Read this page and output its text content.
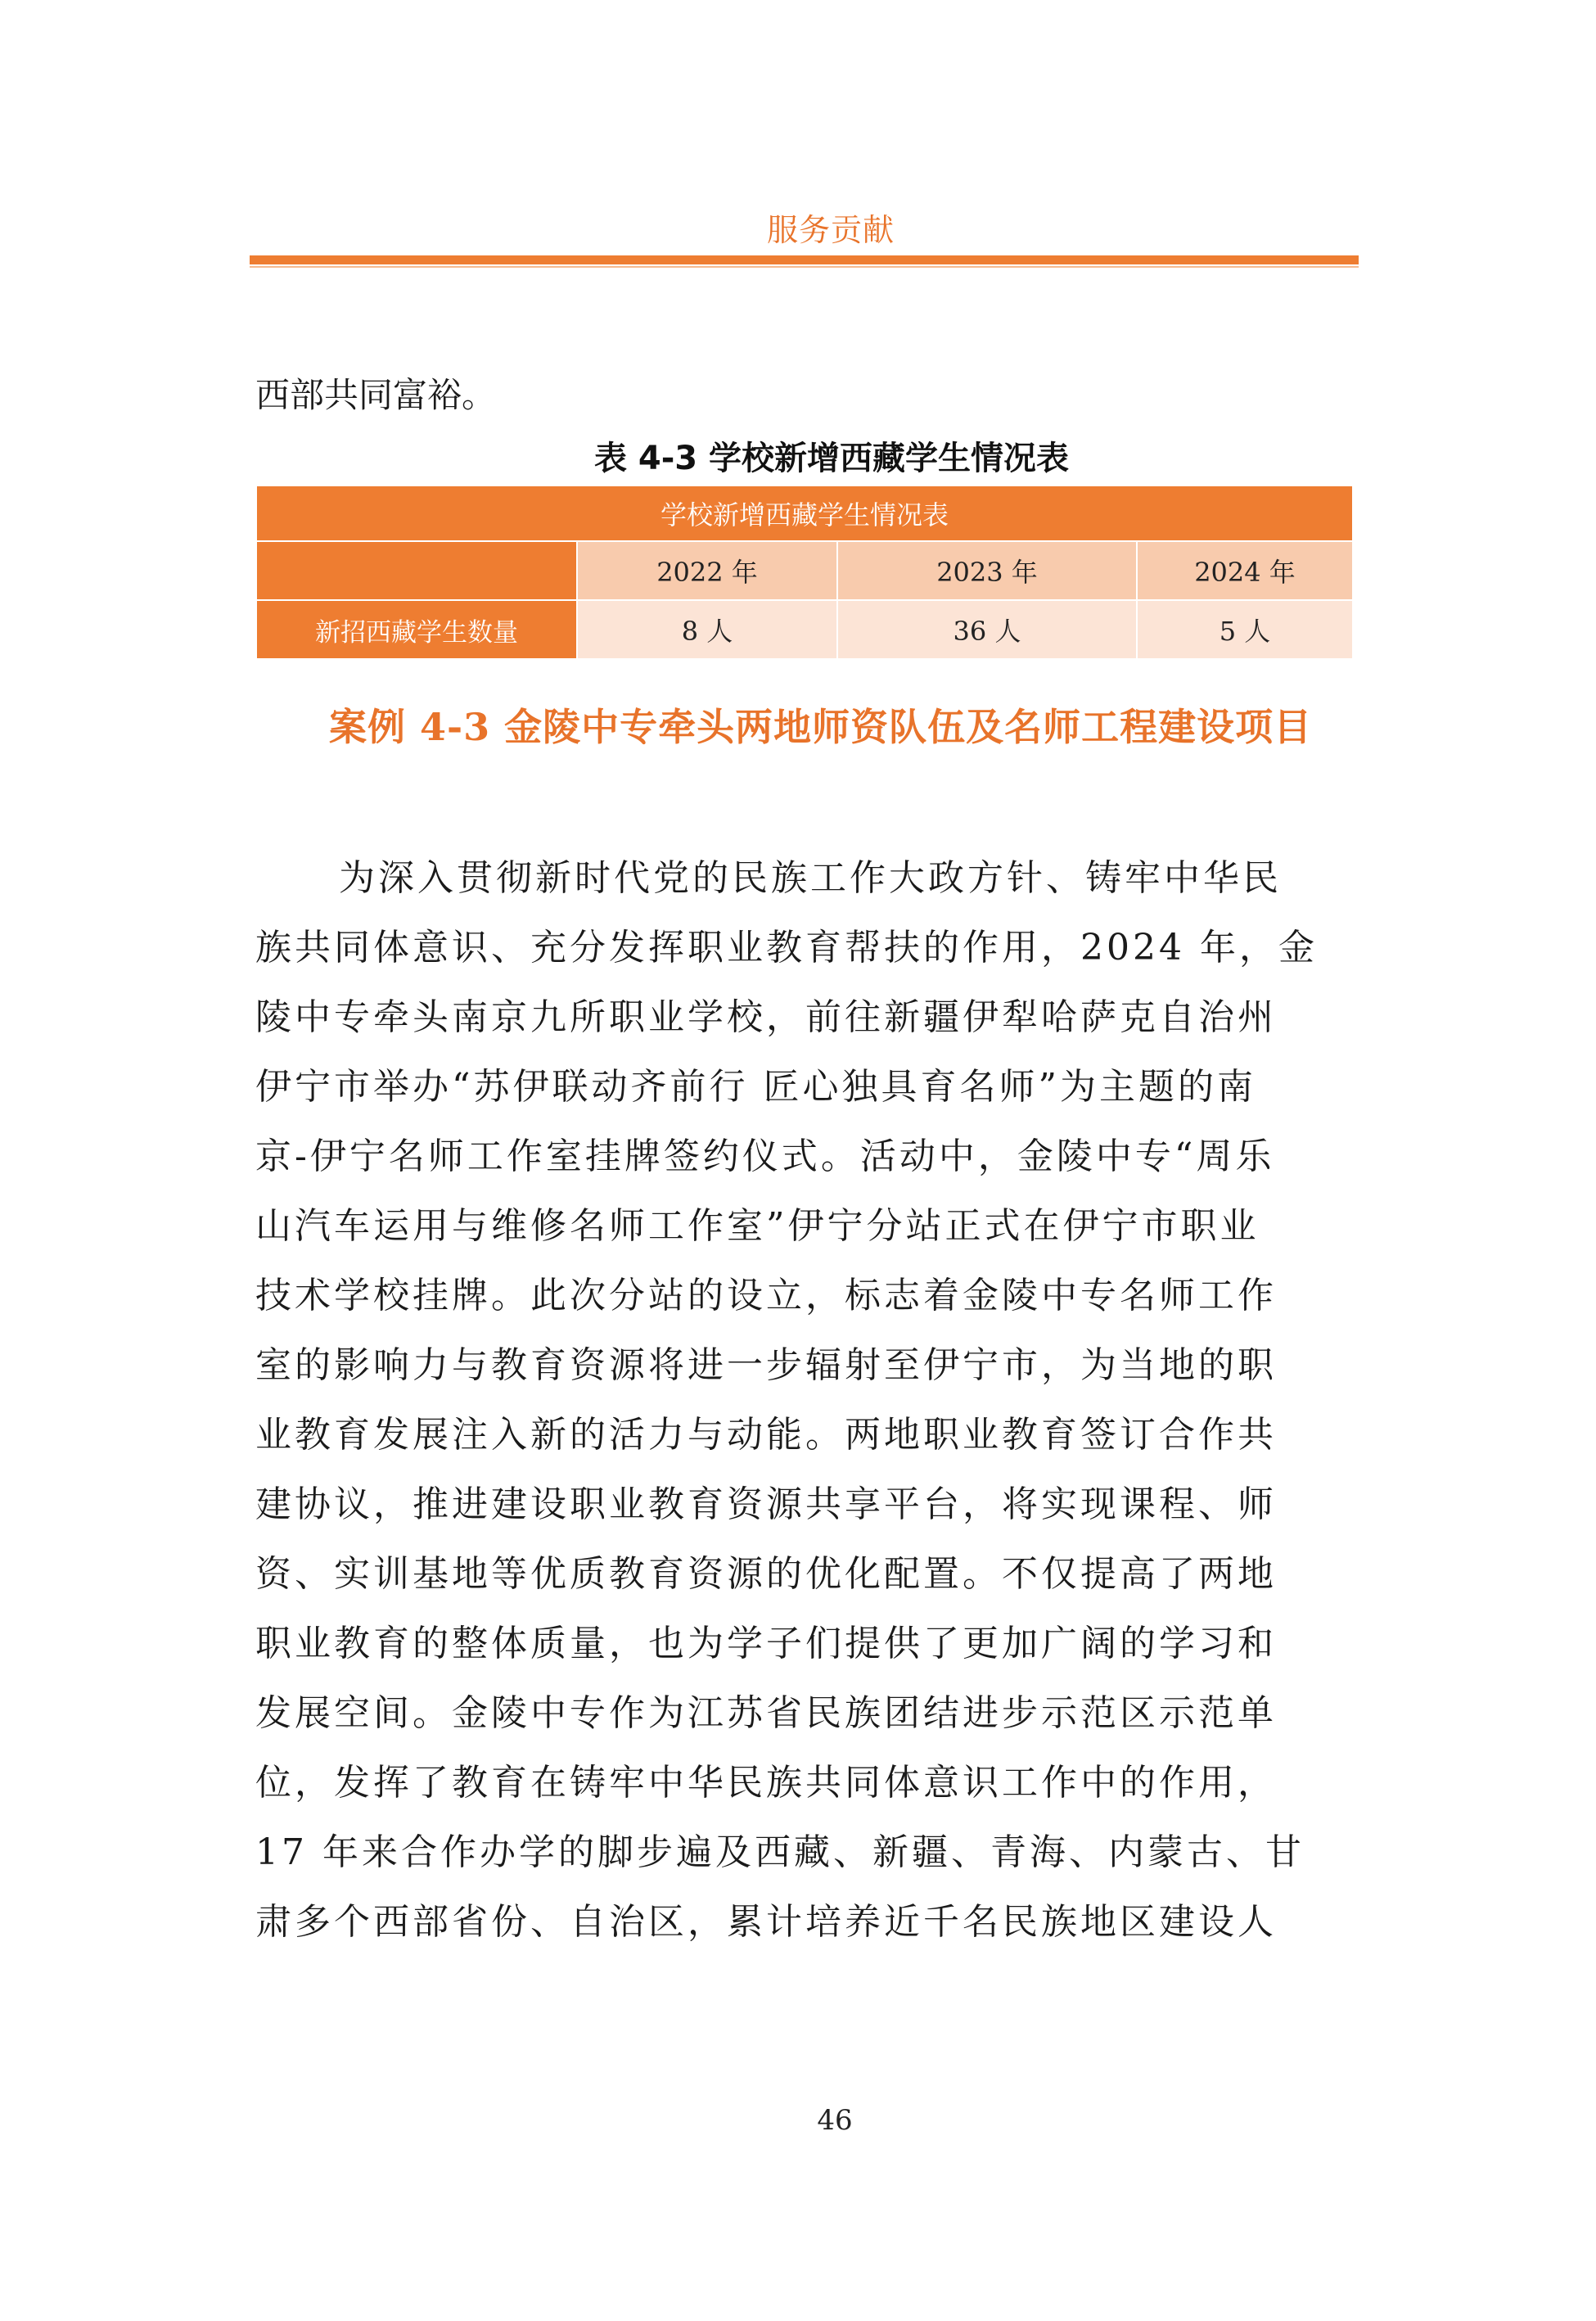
服务贡献
西部共同富裕。
表 4-3 学校新增西藏学生情况表
学校新增西藏学生情况表			
	2022 年	2023 年	2024 年
新招西藏学生数量	8 人	36 人	5 人
案例 4-3 金陵中专牵头两地师资队伍及名师工程建设项目
为深入贯彻新时代党的民族工作大政方针、铸牢中华民
族共同体意识、充分发挥职业教育帮扶的作用，2024 年，金
陵中专牵头南京九所职业学校，前往新疆伊犁哈萨克自治州
伊宁市举办“苏伊联动齐前行 匠心独具育名师”为主题的南
京-伊宁名师工作室挂牌签约仪式。活动中，金陵中专“周乐
山汽车运用与维修名师工作室”伊宁分站正式在伊宁市职业
技术学校挂牌。此次分站的设立，标志着金陵中专名师工作
室的影响力与教育资源将进一步辐射至伊宁市，为当地的职
业教育发展注入新的活力与动能。两地职业教育签订合作共
建协议，推进建设职业教育资源共享平台，将实现课程、师
资、实训基地等优质教育资源的优化配置。不仅提高了两地
职业教育的整体质量，也为学子们提供了更加广阔的学习和
发展空间。金陵中专作为江苏省民族团结进步示范区示范单
位，发挥了教育在铸牢中华民族共同体意识工作中的作用，
17 年来合作办学的脚步遍及西藏、新疆、青海、内蒙古、甘
肃多个西部省份、自治区，累计培养近千名民族地区建设人
46
